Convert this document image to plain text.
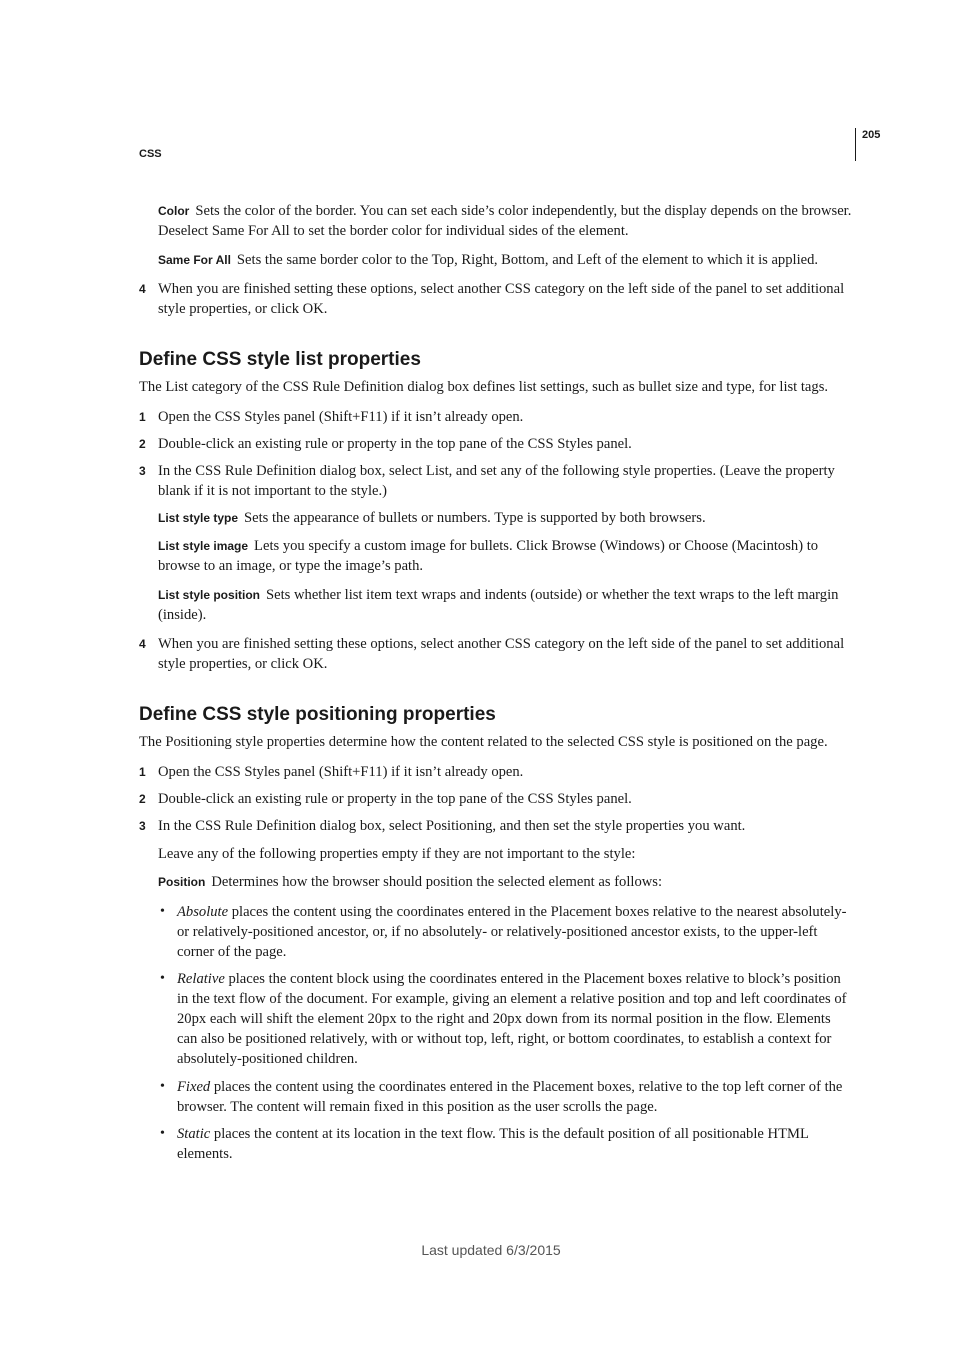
205
CSS

Color Sets the color of the border. You can set each side’s color independently, but the display depends on the browser. Deselect Same For All to set the border color for individual sides of the element.

Same For All Sets the same border color to the Top, Right, Bottom, and Left of the element to which it is applied.

4 When you are finished setting these options, select another CSS category on the left side of the panel to set additional style properties, or click OK.

Define CSS style list properties

The List category of the CSS Rule Definition dialog box defines list settings, such as bullet size and type, for list tags.

1 Open the CSS Styles panel (Shift+F11) if it isn’t already open.

2 Double-click an existing rule or property in the top pane of the CSS Styles panel.

3 In the CSS Rule Definition dialog box, select List, and set any of the following style properties. (Leave the property blank if it is not important to the style.)

List style type Sets the appearance of bullets or numbers. Type is supported by both browsers.

List style image Lets you specify a custom image for bullets. Click Browse (Windows) or Choose (Macintosh) to browse to an image, or type the image’s path.

List style position Sets whether list item text wraps and indents (outside) or whether the text wraps to the left margin (inside).

4 When you are finished setting these options, select another CSS category on the left side of the panel to set additional style properties, or click OK.

Define CSS style positioning properties

The Positioning style properties determine how the content related to the selected CSS style is positioned on the page.

1 Open the CSS Styles panel (Shift+F11) if it isn’t already open.

2 Double-click an existing rule or property in the top pane of the CSS Styles panel.

3 In the CSS Rule Definition dialog box, select Positioning, and then set the style properties you want.

Leave any of the following properties empty if they are not important to the style:

Position Determines how the browser should position the selected element as follows:

• Absolute places the content using the coordinates entered in the Placement boxes relative to the nearest absolutely- or relatively-positioned ancestor, or, if no absolutely- or relatively-positioned ancestor exists, to the upper-left corner of the page.

• Relative places the content block using the coordinates entered in the Placement boxes relative to block’s position in the text flow of the document. For example, giving an element a relative position and top and left coordinates of 20px each will shift the element 20px to the right and 20px down from its normal position in the flow. Elements can also be positioned relatively, with or without top, left, right, or bottom coordinates, to establish a context for absolutely-positioned children.

• Fixed places the content using the coordinates entered in the Placement boxes, relative to the top left corner of the browser. The content will remain fixed in this position as the user scrolls the page.

• Static places the content at its location in the text flow. This is the default position of all positionable HTML elements.

Last updated 6/3/2015
